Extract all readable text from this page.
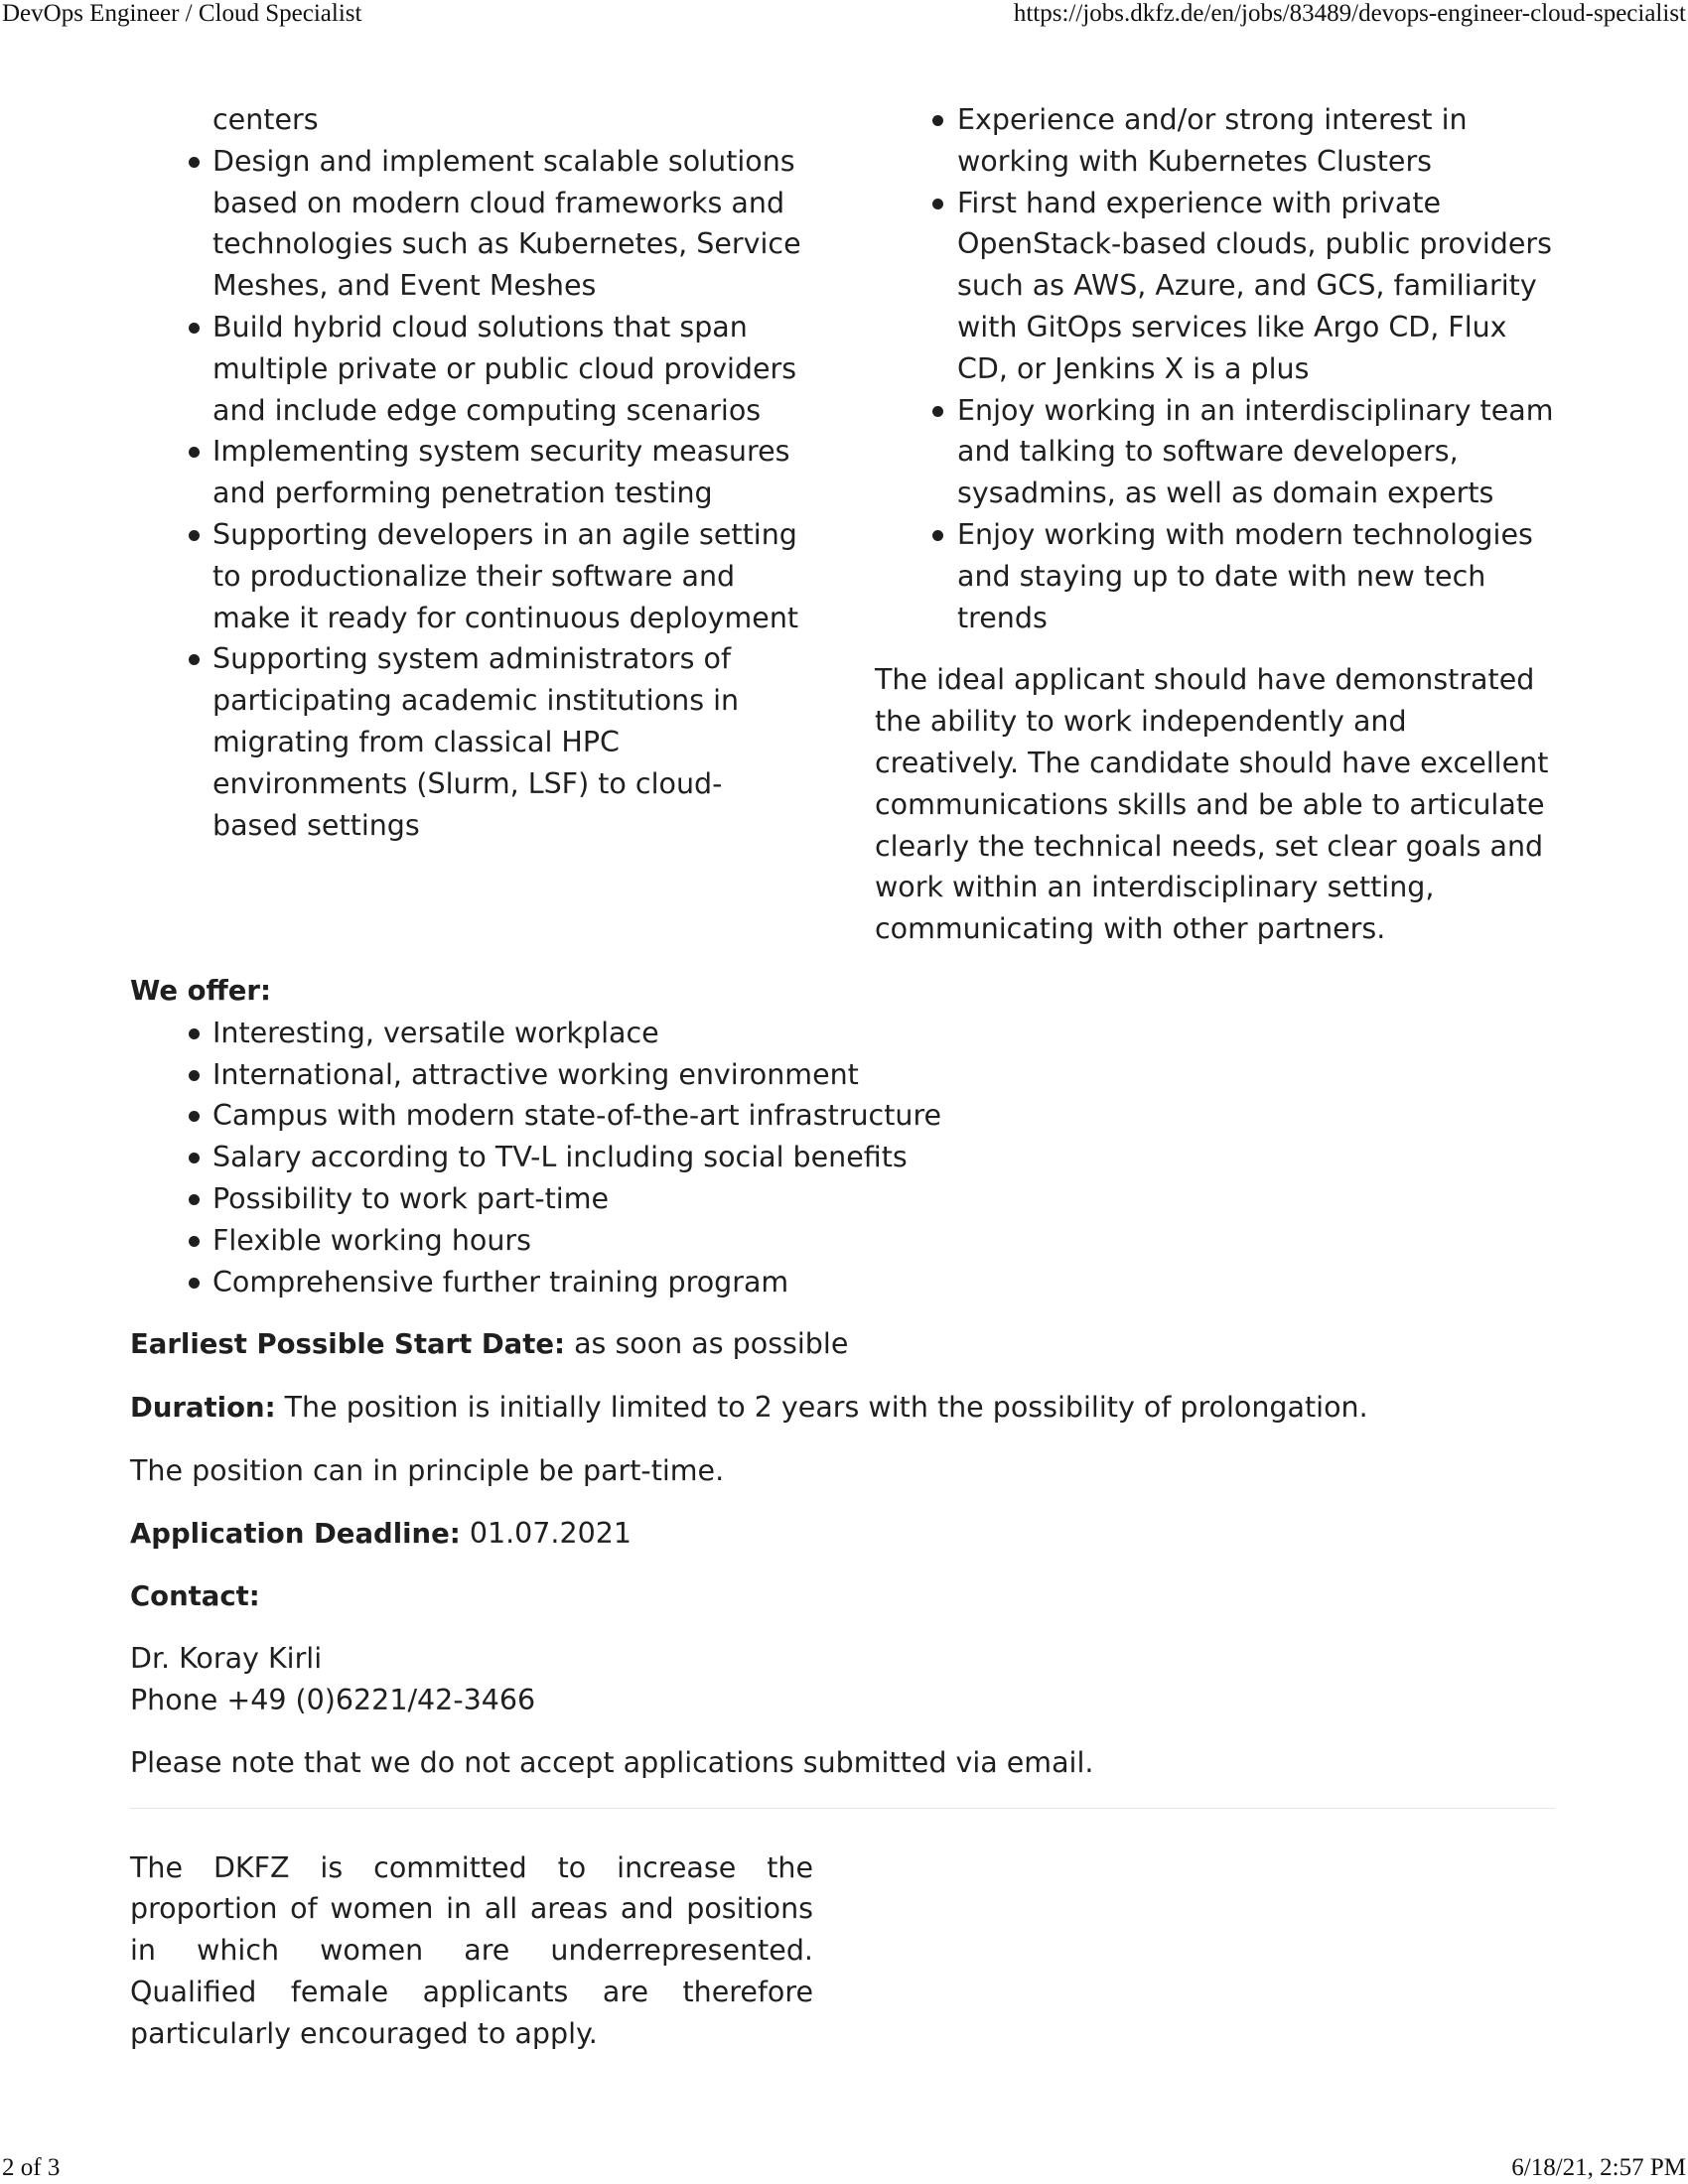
DevOps Engineer / Cloud Specialist	https://jobs.dkfz.de/en/jobs/83489/devops-engineer-cloud-specialist
centers
Design and implement scalable solutions based on modern cloud frameworks and technologies such as Kubernetes, Service Meshes, and Event Meshes
Build hybrid cloud solutions that span multiple private or public cloud providers and include edge computing scenarios
Implementing system security measures and performing penetration testing
Supporting developers in an agile setting to productionalize their software and make it ready for continuous deployment
Supporting system administrators of participating academic institutions in migrating from classical HPC environments (Slurm, LSF) to cloud-based settings
Experience and/or strong interest in working with Kubernetes Clusters
First hand experience with private OpenStack-based clouds, public providers such as AWS, Azure, and GCS, familiarity with GitOps services like Argo CD, Flux CD, or Jenkins X is a plus
Enjoy working in an interdisciplinary team and talking to software developers, sysadmins, as well as domain experts
Enjoy working with modern technologies and staying up to date with new tech trends

The ideal applicant should have demonstrated the ability to work independently and creatively. The candidate should have excellent communications skills and be able to articulate clearly the technical needs, set clear goals and work within an interdisciplinary setting, communicating with other partners.

We offer:
Interesting, versatile workplace
International, attractive working environment
Campus with modern state-of-the-art infrastructure
Salary according to TV-L including social benefits
Possibility to work part-time
Flexible working hours
Comprehensive further training program

Earliest Possible Start Date: as soon as possible

Duration: The position is initially limited to 2 years with the possibility of prolongation.

The position can in principle be part-time.

Application Deadline: 01.07.2021

Contact:

Dr. Koray Kirli
Phone +49 (0)6221/42-3466

Please note that we do not accept applications submitted via email.

The DKFZ is committed to increase the proportion of women in all areas and positions in which women are underrepresented. Qualified female applicants are therefore particularly encouraged to apply.

2 of 3	6/18/21, 2:57 PM
